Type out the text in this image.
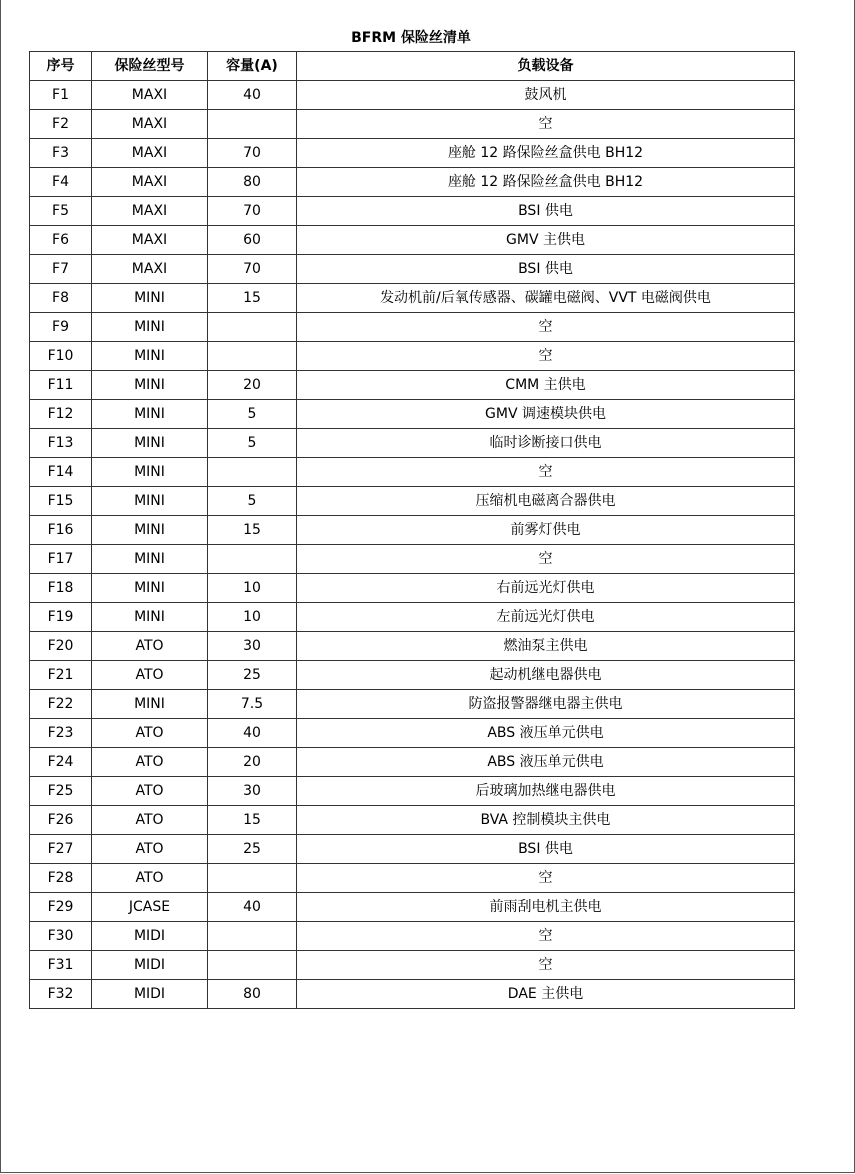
BFRM 保险丝清单
序号	保险丝型号	容量(A)	负载设备
F1	MAXI	40	鼓风机
F2	MAXI		空
F3	MAXI	70	座舱 12 路保险丝盒供电 BH12
F4	MAXI	80	座舱 12 路保险丝盒供电 BH12
F5	MAXI	70	BSI 供电
F6	MAXI	60	GMV 主供电
F7	MAXI	70	BSI 供电
F8	MINI	15	发动机前/后氧传感器、碳罐电磁阀、VVT 电磁阀供电
F9	MINI		空
F10	MINI		空
F11	MINI	20	CMM 主供电
F12	MINI	5	GMV 调速模块供电
F13	MINI	5	临时诊断接口供电
F14	MINI		空
F15	MINI	5	压缩机电磁离合器供电
F16	MINI	15	前雾灯供电
F17	MINI		空
F18	MINI	10	右前远光灯供电
F19	MINI	10	左前远光灯供电
F20	ATO	30	燃油泵主供电
F21	ATO	25	起动机继电器供电
F22	MINI	7.5	防盗报警器继电器主供电
F23	ATO	40	ABS 液压单元供电
F24	ATO	20	ABS 液压单元供电
F25	ATO	30	后玻璃加热继电器供电
F26	ATO	15	BVA 控制模块主供电
F27	ATO	25	BSI 供电
F28	ATO		空
F29	JCASE	40	前雨刮电机主供电
F30	MIDI		空
F31	MIDI		空
F32	MIDI	80	DAE 主供电
